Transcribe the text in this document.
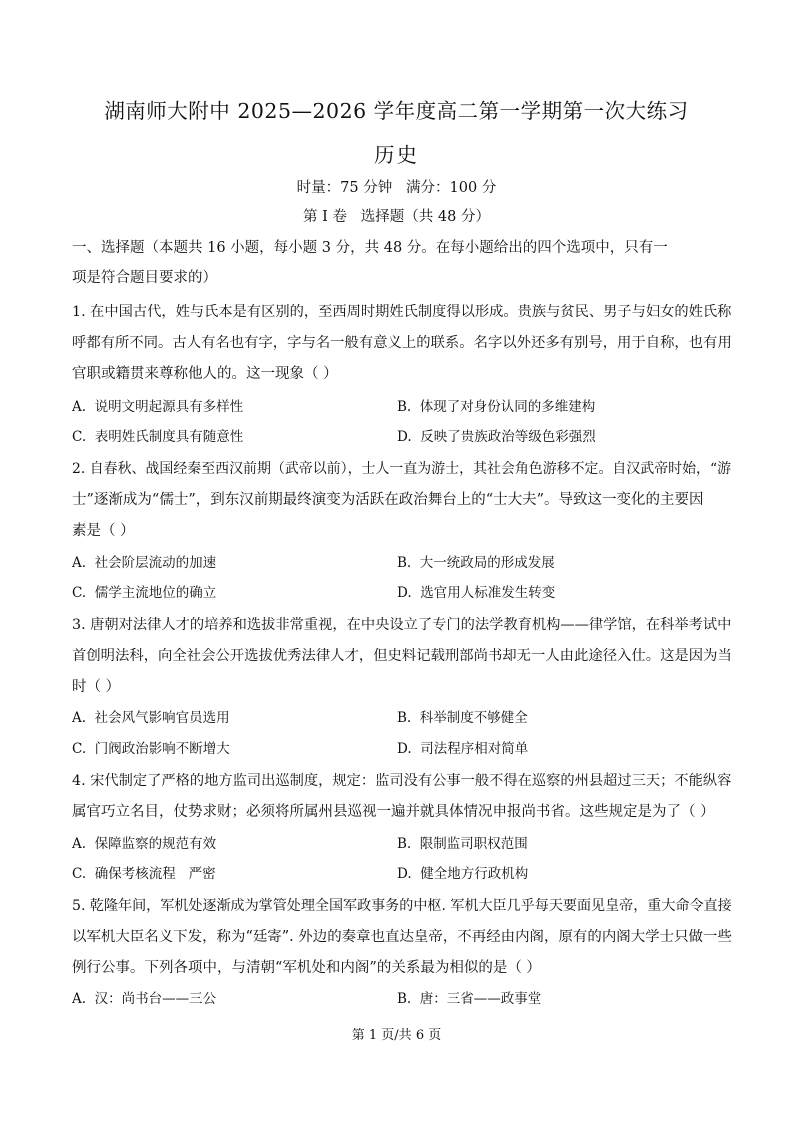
湖南师大附中 2025—2026 学年度高二第一学期第一次大练习
历史
时量：75 分钟   满分：100 分
第 I 卷   选择题（共 48 分）
一、选择题（本题共 16 小题，每小题 3 分，共 48 分。在每小题给出的四个选项中，只有一
项是符合题目要求的）
1. 在中国古代，姓与氏本是有区别的，至西周时期姓氏制度得以形成。贵族与贫民、男子与妇女的姓氏称
呼都有所不同。古人有名也有字，字与名一般有意义上的联系。名字以外还多有别号，用于自称，也有用
官职或籍贯来尊称他人的。这一现象（ ）
A.  说明文明起源具有多样性	B.  体现了对身份认同的多维建构
C.  表明姓氏制度具有随意性	D.  反映了贵族政治等级色彩强烈
2. 自春秋、战国经秦至西汉前期（武帝以前），士人一直为游士，其社会角色游移不定。自汉武帝时始，“游
士”逐渐成为“儒士”，到东汉前期最终演变为活跃在政治舞台上的“士大夫”。导致这一变化的主要因
素是（ ）
A.  社会阶层流动的加速	B.  大一统政局的形成发展
C.  儒学主流地位的确立	D.  选官用人标准发生转变
3. 唐朝对法律人才的培养和选拔非常重视，在中央设立了专门的法学教育机构——律学馆，在科举考试中
首创明法科，向全社会公开选拔优秀法律人才，但史料记载刑部尚书却无一人由此途径入仕。这是因为当
时（ ）
A.  社会风气影响官员选用	B.  科举制度不够健全
C.  门阀政治影响不断增大	D.  司法程序相对简单
4. 宋代制定了严格的地方监司出巡制度，规定：监司没有公事一般不得在巡察的州县超过三天；不能纵容
属官巧立名目，仗势求财；必须将所属州县巡视一遍并就具体情况申报尚书省。这些规定是为了（ ）
A.  保障监察的规范有效	B.  限制监司职权范围
C.  确保考核流程   严密	D.  健全地方行政机构
5. 乾隆年间，军机处逐渐成为掌管处理全国军政事务的中枢. 军机大臣几乎每天要面见皇帝，重大命令直接
以军机大臣名义下发，称为“廷寄”. 外边的奏章也直达皇帝，不再经由内阁，原有的内阁大学士只做一些
例行公事。下列各项中，与清朝“军机处和内阁”的关系最为相似的是（ ）
A.  汉：尚书台——三公	B.  唐：三省——政事堂
第 1 页/共 6 页
